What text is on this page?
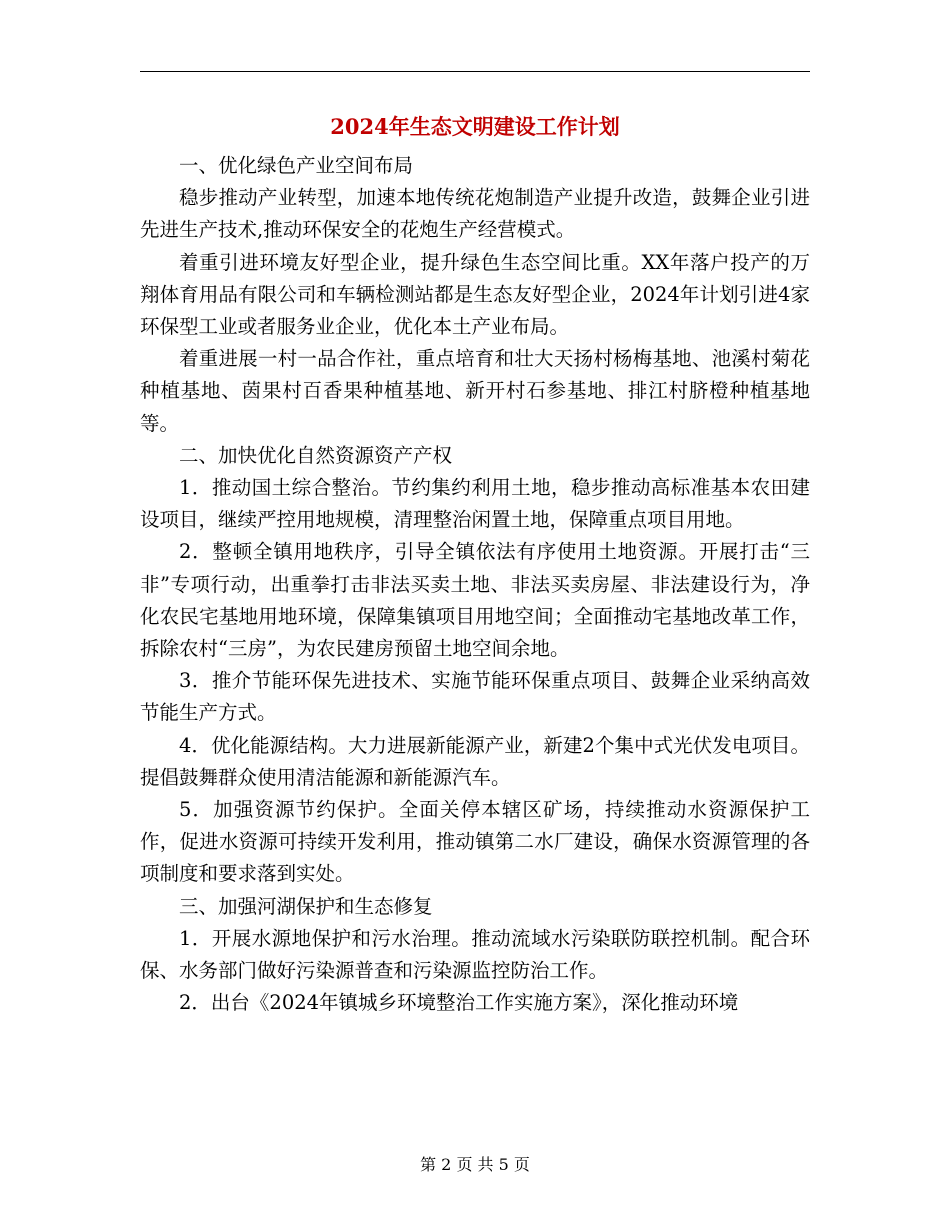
2024年生态文明建设工作计划

一、优化绿色产业空间布局

稳步推动产业转型，加速本地传统花炮制造产业提升改造，鼓舞企业引进先进生产技术,推动环保安全的花炮生产经营模式。

着重引进环境友好型企业，提升绿色生态空间比重。XX年落户投产的万翔体育用品有限公司和车辆检测站都是生态友好型企业，2024年计划引进4家环保型工业或者服务业企业，优化本土产业布局。

着重进展一村一品合作社，重点培育和壮大天扬村杨梅基地、池溪村菊花种植基地、茵果村百香果种植基地、新开村石参基地、排江村脐橙种植基地等。

二、加快优化自然资源资产产权

1．推动国土综合整治。节约集约利用土地，稳步推动高标准基本农田建设项目，继续严控用地规模，清理整治闲置土地，保障重点项目用地。

2．整顿全镇用地秩序，引导全镇依法有序使用土地资源。开展打击“三非”专项行动，出重拳打击非法买卖土地、非法买卖房屋、非法建设行为，净化农民宅基地用地环境，保障集镇项目用地空间；全面推动宅基地改革工作，拆除农村“三房”，为农民建房预留土地空间余地。

3．推介节能环保先进技术、实施节能环保重点项目、鼓舞企业采纳高效节能生产方式。

4．优化能源结构。大力进展新能源产业，新建2个集中式光伏发电项目。提倡鼓舞群众使用清洁能源和新能源汽车。

5．加强资源节约保护。全面关停本辖区矿场，持续推动水资源保护工作，促进水资源可持续开发利用，推动镇第二水厂建设，确保水资源管理的各项制度和要求落到实处。

三、加强河湖保护和生态修复

1．开展水源地保护和污水治理。推动流域水污染联防联控机制。配合环保、水务部门做好污染源普查和污染源监控防治工作。

2．出台《2024年镇城乡环境整治工作实施方案》，深化推动环境

第 2 页 共 5 页
